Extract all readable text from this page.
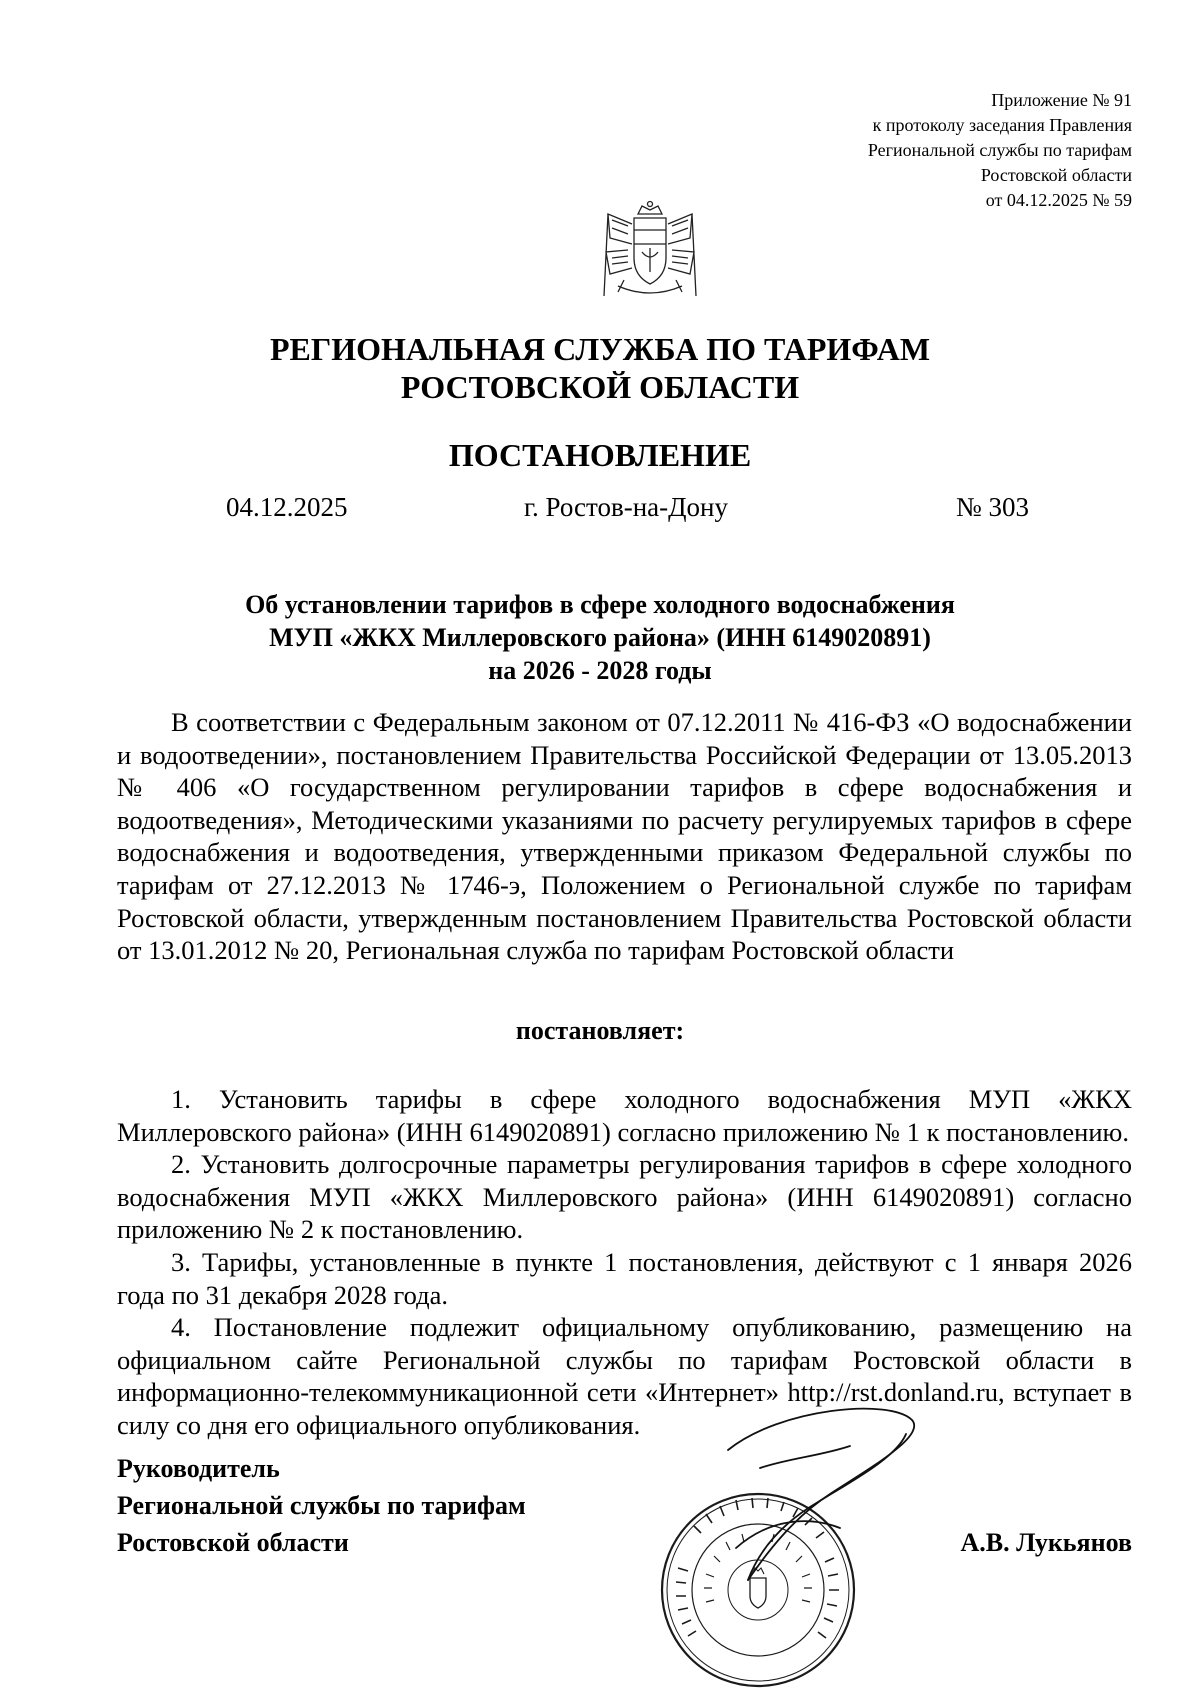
Приложение № 91
к протоколу заседания Правления
Региональной службы по тарифам
Ростовской области
от 04.12.2025 № 59
РЕГИОНАЛЬНАЯ СЛУЖБА ПО ТАРИФАМ
РОСТОВСКОЙ ОБЛАСТИ
ПОСТАНОВЛЕНИЕ
04.12.2025	г. Ростов-на-Дону	№ 303
Об установлении тарифов в сфере холодного водоснабжения
МУП «ЖКХ Миллеровского района» (ИНН 6149020891)
на 2026 - 2028 годы

В соответствии с Федеральным законом от 07.12.2011 № 416-ФЗ «О водоснабжении и водоотведении», постановлением Правительства Российской Федерации от 13.05.2013 № 406 «О государственном регулировании тарифов в сфере водоснабжения и водоотведения», Методическими указаниями по расчету регулируемых тарифов в сфере водоснабжения и водоотведения, утвержденными приказом Федеральной службы по тарифам от 27.12.2013 № 1746-э, Положением о Региональной службе по тарифам Ростовской области, утвержденным постановлением Правительства Ростовской области от 13.01.2012 № 20, Региональная служба по тарифам Ростовской области

постановляет:

1. Установить тарифы в сфере холодного водоснабжения МУП «ЖКХ Миллеровского района» (ИНН 6149020891) согласно приложению № 1 к постановлению.

2. Установить долгосрочные параметры регулирования тарифов в сфере холодного водоснабжения МУП «ЖКХ Миллеровского района» (ИНН 6149020891) согласно приложению № 2 к постановлению.

3. Тарифы, установленные в пункте 1 постановления, действуют с 1 января 2026 года по 31 декабря 2028 года.

4. Постановление подлежит официальному опубликованию, размещению на официальном сайте Региональной службы по тарифам Ростовской области в информационно-телекоммуникационной сети «Интернет» http://rst.donland.ru, вступает в силу со дня его официального опубликования.

Руководитель
Региональной службы по тарифам
Ростовской области	А.В. Лукьянов
